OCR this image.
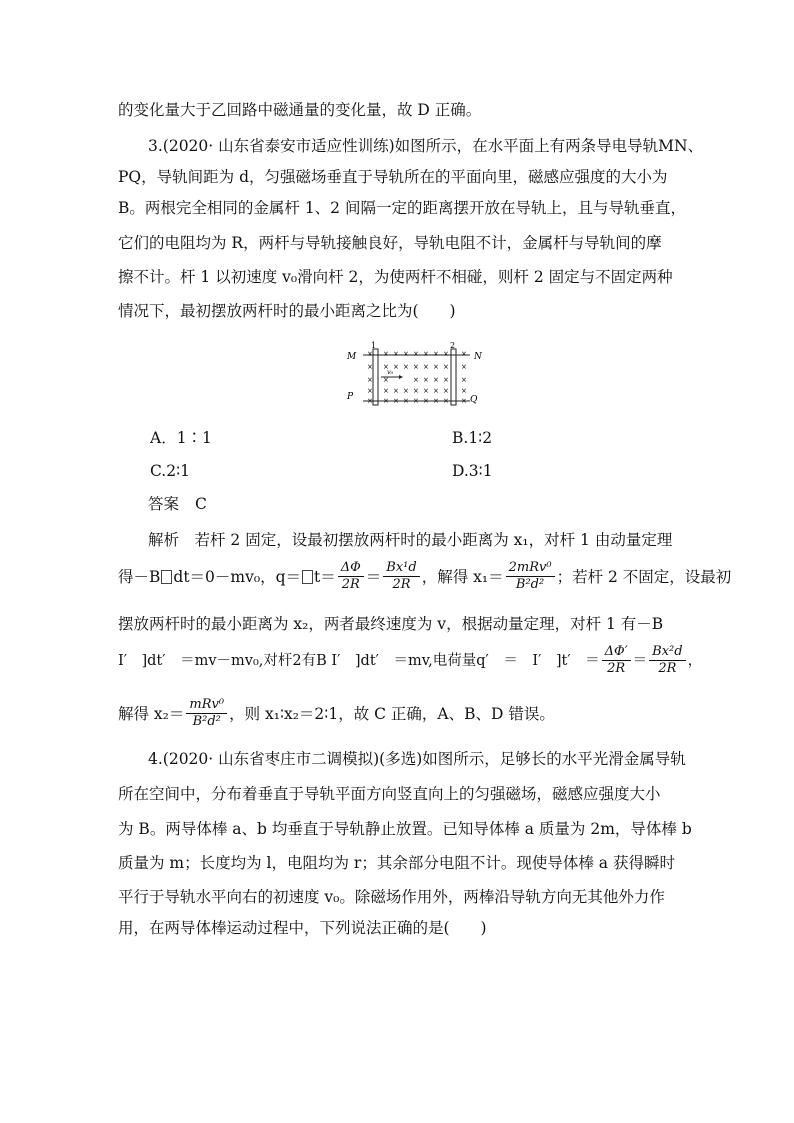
的变化量大于乙回路中磁通量的变化量，故 D 正确。
3.(2020· 山东省泰安市适应性训练)如图所示，在水平面上有两条导电导轨MN、
PQ，导轨间距为 d，匀强磁场垂直于导轨所在的平面向里，磁感应强度的大小为
B。两根完全相同的金属杆 1、2 间隔一定的距离摆开放在导轨上，且与导轨垂直，
它们的电阻均为 R，两杆与导轨接触良好，导轨电阻不计，金属杆与导轨间的摩
擦不计。杆 1 以初速度 v₀滑向杆 2，为使两杆不相碰，则杆 2 固定与不固定两种
情况下，最初摆放两杆时的最小距离之比为(　　)
M	N
P	Q
1	2
v₀
× × × × × × × × ×
× × × × × × × × ×
× ×	× × × × ×
× × × × × × × × ×
× × × × × × × × ×
A．1∶1	B.1∶2
C.2∶1	D.3∶1
答案 C
解析　若杆 2 固定，设最初摆放两杆时的最小距离为 x₁，对杆 1 由动量定理
得－B dt＝0－mv₀，$q= t= \frac{\Delta\Phi}{2R} = \frac{\text{Bx¹d}}{2R}$ ，解得 $x_1= \frac{\text{2mRv⁰}}{\text{B²d²}}$ ；若杆 2 不固定，设最初
摆放两杆时的最小距离为 x₂，两者最终速度为 v，根据动量定理，对杆 1 有－B
I′　]dt′　＝mv－mv₀,对杆2有B I′　]dt′　＝mv,电荷量q′　＝　I′　]t′　＝ $\frac{\Delta\Phi'}{2R} = \frac{\text{Bx²d}}{2R}$ ，
解得 $x_2= \frac{\text{mRv⁰}}{\text{B²d²}}$ ，则 x₁∶x₂＝2∶1，故 C 正确，A、B、D 错误。
4.(2020· 山东省枣庄市二调模拟)(多选)如图所示，足够长的水平光滑金属导轨
所在空间中，分布着垂直于导轨平面方向竖直向上的匀强磁场，磁感应强度大小
为 B。两导体棒 a、b 均垂直于导轨静止放置。已知导体棒 a 质量为 2m，导体棒 b
质量为 m；长度均为 l，电阻均为 r；其余部分电阻不计。现使导体棒 a 获得瞬时
平行于导轨水平向右的初速度 v₀。除磁场作用外，两棒沿导轨方向无其他外力作
用，在两导体棒运动过程中，下列说法正确的是(　　)
